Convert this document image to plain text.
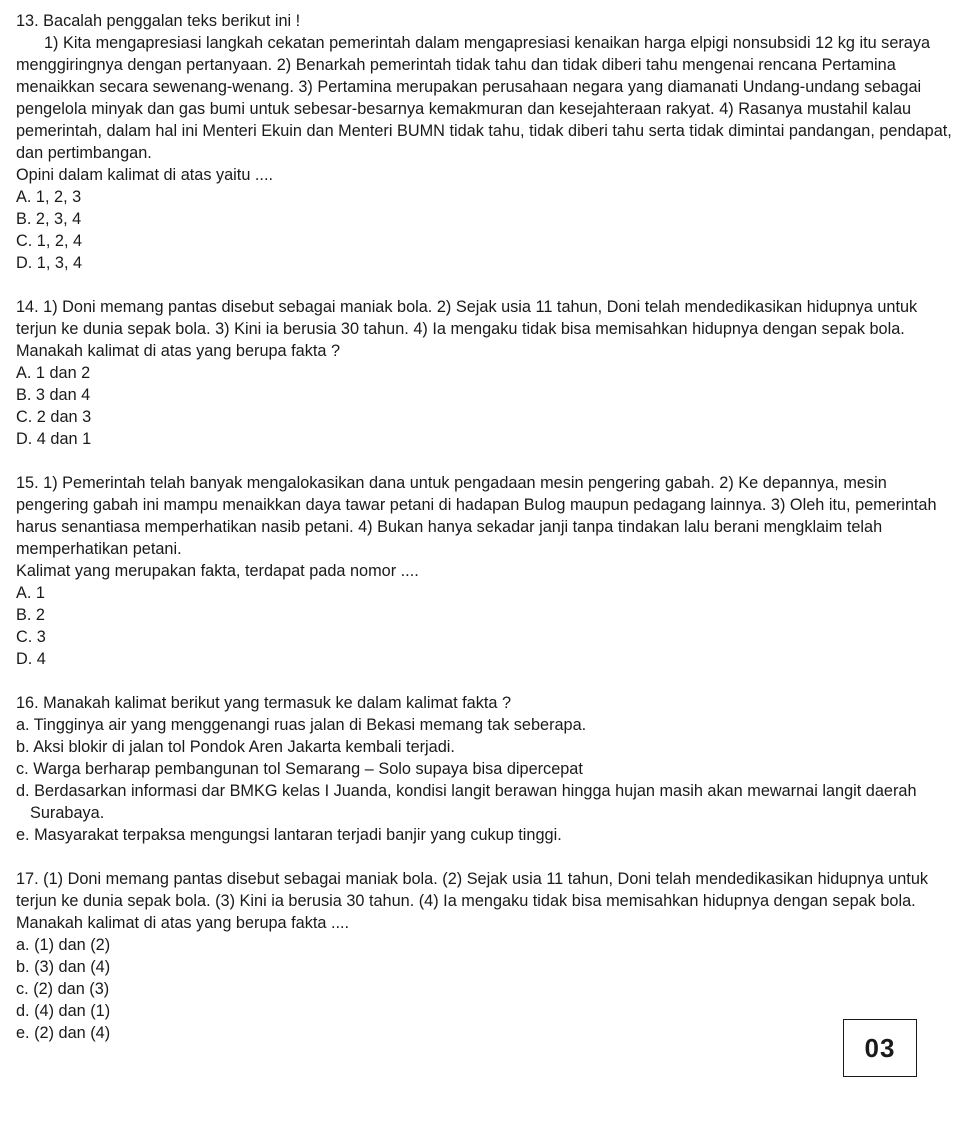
13. Bacalah penggalan teks berikut ini !
1) Kita mengapresiasi langkah cekatan pemerintah dalam mengapresiasi kenaikan harga elpigi nonsubsidi 12 kg itu seraya menggiringnya dengan pertanyaan. 2) Benarkah pemerintah tidak tahu dan tidak diberi tahu mengenai rencana Pertamina menaikkan secara sewenang-wenang. 3) Pertamina merupakan perusahaan negara yang diamanati Undang-undang sebagai pengelola minyak dan gas bumi untuk sebesar-besarnya kemakmuran dan kesejahteraan rakyat. 4) Rasanya mustahil kalau pemerintah, dalam hal ini Menteri Ekuin dan Menteri BUMN tidak tahu, tidak diberi tahu serta tidak dimintai pandangan, pendapat, dan pertimbangan.
Opini dalam kalimat di atas yaitu ....
A. 1, 2, 3
B. 2, 3, 4
C. 1, 2, 4
D. 1, 3, 4
14. 1) Doni memang pantas disebut sebagai maniak bola. 2) Sejak usia 11 tahun, Doni telah mendedikasikan hidupnya untuk terjun ke dunia sepak bola. 3) Kini ia berusia 30 tahun. 4) Ia mengaku tidak bisa memisahkan hidupnya dengan sepak bola.
Manakah kalimat di atas yang berupa fakta ?
A. 1 dan 2
B. 3 dan 4
C. 2 dan 3
D. 4 dan 1
15. 1) Pemerintah telah banyak mengalokasikan dana untuk pengadaan mesin pengering gabah. 2) Ke depannya, mesin pengering gabah ini mampu menaikkan daya tawar petani di hadapan Bulog maupun pedagang lainnya. 3) Oleh itu, pemerintah harus senantiasa memperhatikan nasib petani. 4) Bukan hanya sekadar janji tanpa tindakan lalu berani mengklaim telah memperhatikan petani.
Kalimat yang merupakan fakta, terdapat pada nomor ....
A. 1
B. 2
C. 3
D. 4
16. Manakah kalimat berikut yang termasuk ke dalam kalimat fakta ?
a. Tingginya air yang menggenangi ruas jalan di Bekasi memang tak seberapa.
b. Aksi blokir di jalan tol Pondok Aren Jakarta kembali terjadi.
c. Warga berharap pembangunan tol Semarang – Solo supaya bisa dipercepat
d. Berdasarkan informasi dar BMKG kelas I Juanda, kondisi langit berawan hingga hujan masih akan mewarnai langit daerah Surabaya.
e. Masyarakat terpaksa mengungsi lantaran terjadi banjir yang cukup tinggi.
17. (1) Doni memang pantas disebut sebagai maniak bola. (2) Sejak usia 11 tahun, Doni telah mendedikasikan hidupnya untuk terjun ke dunia sepak bola. (3) Kini ia berusia 30 tahun. (4) Ia mengaku tidak bisa memisahkan hidupnya dengan sepak bola.
Manakah kalimat di atas yang berupa fakta ....
a. (1) dan (2)
b. (3) dan (4)
c. (2) dan (3)
d. (4) dan (1)
e. (2) dan (4)	03
